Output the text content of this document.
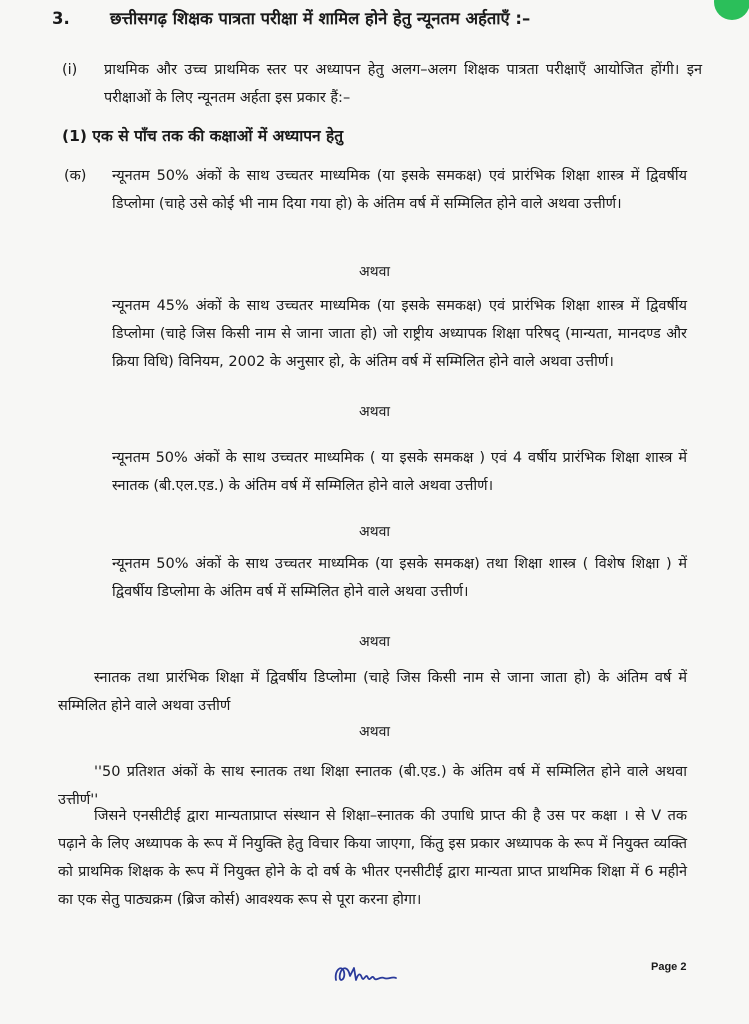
3. छत्तीसगढ़ शिक्षक पात्रता परीक्षा में शामिल होने हेतु न्यूनतम अर्हताएँ :–
(i) प्राथमिक और उच्च प्राथमिक स्तर पर अध्यापन हेतु अलग–अलग शिक्षक पात्रता परीक्षाएँ आयोजित होंगी। इन परीक्षाओं के लिए न्यूनतम अर्हता इस प्रकार हैं:–
(1) एक से पाँच तक की कक्षाओं में अध्यापन हेतु
(क) न्यूनतम 50% अंकों के साथ उच्चतर माध्यमिक (या इसके समकक्ष) एवं प्रारंभिक शिक्षा शास्त्र में द्विवर्षीय डिप्लोमा (चाहे उसे कोई भी नाम दिया गया हो) के अंतिम वर्ष में सम्मिलित होने वाले अथवा उत्तीर्ण।
अथवा
न्यूनतम 45% अंकों के साथ उच्चतर माध्यमिक (या इसके समकक्ष) एवं प्रारंभिक शिक्षा शास्त्र में द्विवर्षीय डिप्लोमा (चाहे जिस किसी नाम से जाना जाता हो) जो राष्ट्रीय अध्यापक शिक्षा परिषद् (मान्यता, मानदण्ड और क्रिया विधि) विनियम, 2002 के अनुसार हो, के अंतिम वर्ष में सम्मिलित होने वाले अथवा उत्तीर्ण।
अथवा
न्यूनतम 50% अंकों के साथ उच्चतर माध्यमिक ( या इसके समकक्ष ) एवं 4 वर्षीय प्रारंभिक शिक्षा शास्त्र में स्नातक (बी.एल.एड.) के अंतिम वर्ष में सम्मिलित होने वाले अथवा उत्तीर्ण।
अथवा
न्यूनतम 50% अंकों के साथ उच्चतर माध्यमिक (या इसके समकक्ष) तथा शिक्षा शास्त्र ( विशेष शिक्षा ) में द्विवर्षीय डिप्लोमा के अंतिम वर्ष में सम्मिलित होने वाले अथवा उत्तीर्ण।
अथवा
स्नातक तथा प्रारंभिक शिक्षा में द्विवर्षीय डिप्लोमा (चाहे जिस किसी नाम से जाना जाता हो) के अंतिम वर्ष में सम्मिलित होने वाले अथवा उत्तीर्ण
अथवा
''50 प्रतिशत अंकों के साथ स्नातक तथा शिक्षा स्नातक (बी.एड.) के अंतिम वर्ष में सम्मिलित होने वाले अथवा उत्तीर्ण''
जिसने एनसीटीई द्वारा मान्यताप्राप्त संस्थान से शिक्षा–स्नातक की उपाधि प्राप्त की है उस पर कक्षा । से V तक पढ़ाने के लिए अध्यापक के रूप में नियुक्ति हेतु विचार किया जाएगा, किंतु इस प्रकार अध्यापक के रूप में नियुक्त व्यक्ति को प्राथमिक शिक्षक के रूप में नियुक्त होने के दो वर्ष के भीतर एनसीटीई द्वारा मान्यता प्राप्त प्राथमिक शिक्षा में 6 महीने का एक सेतु पाठ्यक्रम (ब्रिज कोर्स) आवश्यक रूप से पूरा करना होगा।
Page 2
